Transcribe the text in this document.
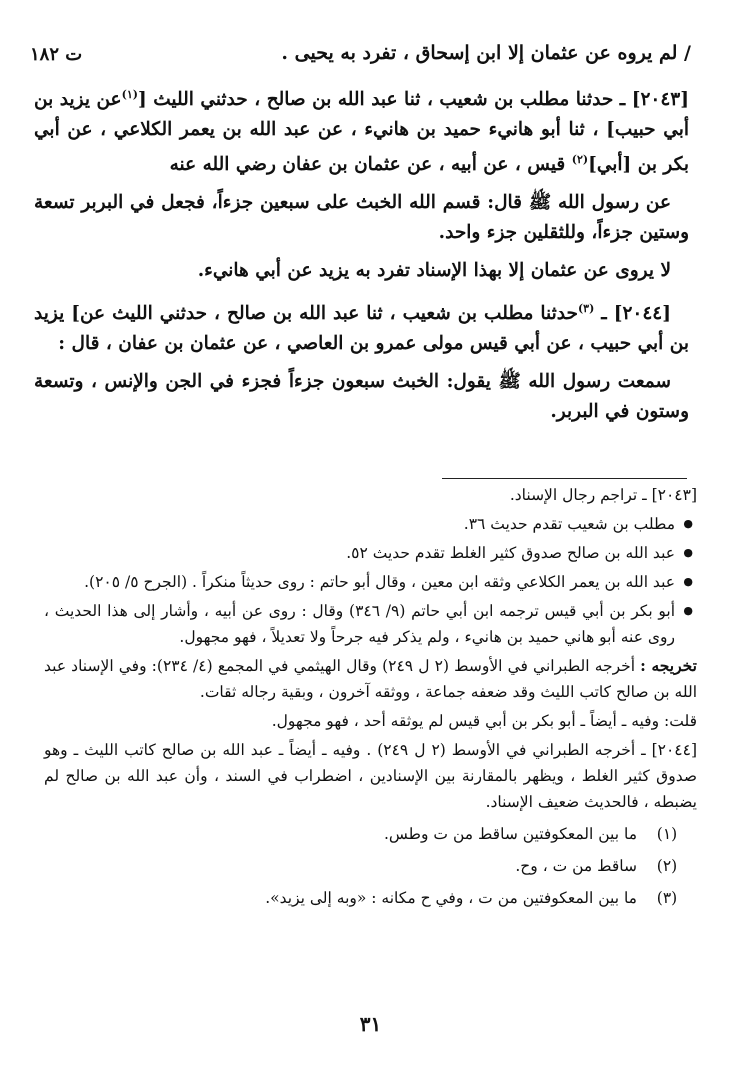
ت ١٨٢	/ لم يروه عن عثمان إلا ابن إسحاق ، تفرد به يحيى .

[٢٠٤٣] ـ حدثنا مطلب بن شعيب ، ثنا عبد الله بن صالح ، حدثني الليث [$^{(١)}$عن يزيد بن أبي حبيب] ، ثنا أبو هانيء حميد بن هانيء ، عن عبد الله بن يعمر الكلاعي ، عن أبي بكر بن [أبي]$^{(٢)}$ قيس ، عن أبيه ، عن عثمان بن عفان رضي الله عنه

عن رسول الله ﷺ قال: قسم الله الخبث على سبعين جزءاً، فجعل في البربر تسعة وستين جزءاً، وللثقلين جزء واحد.

لا يروى عن عثمان إلا بهذا الإسناد تفرد به يزيد عن أبي هانيء.

[٢٠٤٤] ـ $^{(٣)}$حدثنا مطلب بن شعيب ، ثنا عبد الله بن صالح ، حدثني الليث عن] يزيد بن أبي حبيب ، عن أبي قيس مولى عمرو بن العاصي ، عن عثمان بن عفان ، قال :

سمعت رسول الله ﷺ يقول: الخبث سبعون جزءاً فجزء في الجن والإنس ، وتسعة وستون في البربر.

[٢٠٤٣] ـ تراجم رجال الإسناد.

● مطلب بن شعيب تقدم حديث ٣٦.

● عبد الله بن صالح صدوق كثير الغلط تقدم حديث ٥٢.

● عبد الله بن يعمر الكلاعي وثقه ابن معين ، وقال أبو حاتم : روى حديثاً منكراً . (الجرح ٥/ ٢٠٥).

● أبو بكر بن أبي قيس ترجمه ابن أبي حاتم (٩/ ٣٤٦) وقال : روى عن أبيه ، وأشار إلى هذا الحديث ، روى عنه أبو هاني حميد بن هانيء ، ولم يذكر فيه جرحاً ولا تعديلاً ، فهو مجهول.

تخريجه : أخرجه الطبراني في الأوسط (٢ ل ٢٤٩) وقال الهيثمي في المجمع (٤/ ٢٣٤): وفي الإسناد عبد الله بن صالح كاتب الليث وقد ضعفه جماعة ، ووثقه آخرون ، وبقية رجاله ثقات.

قلت: وفيه ـ أيضاً ـ أبو بكر بن أبي قيس لم يوثقه أحد ، فهو مجهول.

[٢٠٤٤] ـ أخرجه الطبراني في الأوسط (٢ ل ٢٤٩) . وفيه ـ أيضاً ـ عبد الله بن صالح كاتب الليث ـ وهو صدوق كثير الغلط ، ويظهر بالمقارنة بين الإسنادين ، اضطراب في السند ، وأن عبد الله بن صالح لم يضبطه ، فالحديث ضعيف الإسناد.

(١)
ما بين المعكوفتين ساقط من ت وطس.
(٢)
ساقط من ت ، وح.
(٣)
ما بين المعكوفتين من ت ، وفي ح مكانه : «وبه إلى يزيد».
٣١
